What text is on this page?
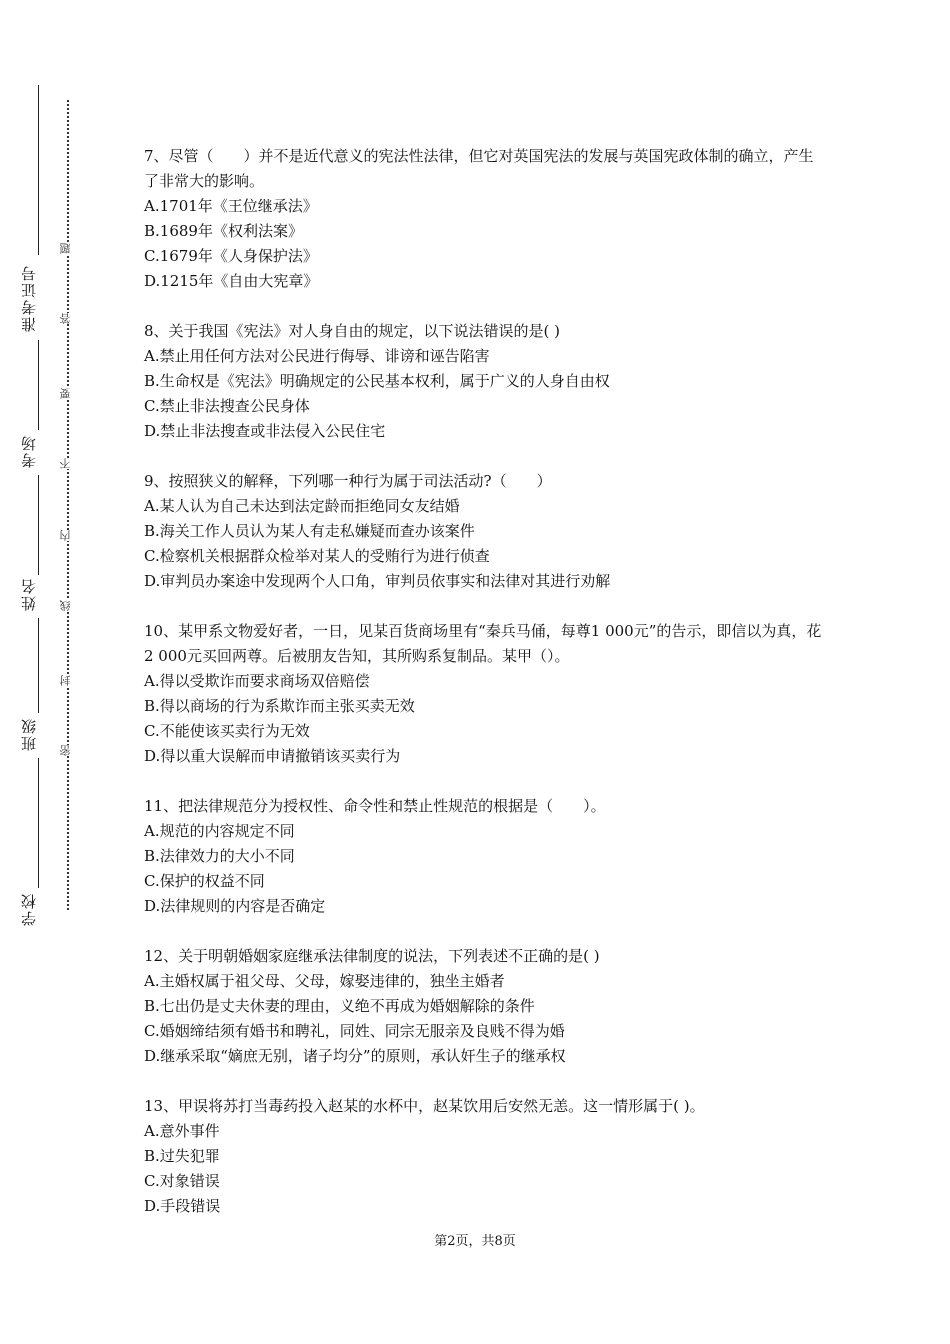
准考证号
考场
姓名
班级
学校
题
答
要
不
内
线
封
密

7、尽管（　　）并不是近代意义的宪法性法律，但它对英国宪法的发展与英国宪政体制的确立，产生了非常大的影响。

A.1701年《王位继承法》

B.1689年《权利法案》

C.1679年《人身保护法》

D.1215年《自由大宪章》

8、关于我国《宪法》对人身自由的规定，以下说法错误的是( )

A.禁止用任何方法对公民进行侮辱、诽谤和诬告陷害

B.生命权是《宪法》明确规定的公民基本权利，属于广义的人身自由权

C.禁止非法搜查公民身体

D.禁止非法搜查或非法侵入公民住宅

9、按照狭义的解释，下列哪一种行为属于司法活动?（　　）

A.某人认为自己未达到法定龄而拒绝同女友结婚

B.海关工作人员认为某人有走私嫌疑而查办该案件

C.检察机关根据群众检举对某人的受贿行为进行侦查

D.审判员办案途中发现两个人口角，审判员依事实和法律对其进行劝解

10、某甲系文物爱好者，一日，见某百货商场里有“秦兵马俑，每尊1 000元”的告示，即信以为真，花2 000元买回两尊。后被朋友告知，其所购系复制品。某甲（）。

A.得以受欺诈而要求商场双倍赔偿

B.得以商场的行为系欺诈而主张买卖无效

C.不能使该买卖行为无效

D.得以重大误解而申请撤销该买卖行为

11、把法律规范分为授权性、命令性和禁止性规范的根据是（　　）。

A.规范的内容规定不同

B.法律效力的大小不同

C.保护的权益不同

D.法律规则的内容是否确定

12、关于明朝婚姻家庭继承法律制度的说法，下列表述不正确的是( )

A.主婚权属于祖父母、父母，嫁娶违律的，独坐主婚者

B.七出仍是丈夫休妻的理由，义绝不再成为婚姻解除的条件

C.婚姻缔结须有婚书和聘礼，同姓、同宗无服亲及良贱不得为婚

D.继承采取“嫡庶无别，诸子均分”的原则，承认奸生子的继承权

13、甲误将苏打当毒药投入赵某的水杯中，赵某饮用后安然无恙。这一情形属于( )。

A.意外事件

B.过失犯罪

C.对象错误

D.手段错误

第2页，共8页
